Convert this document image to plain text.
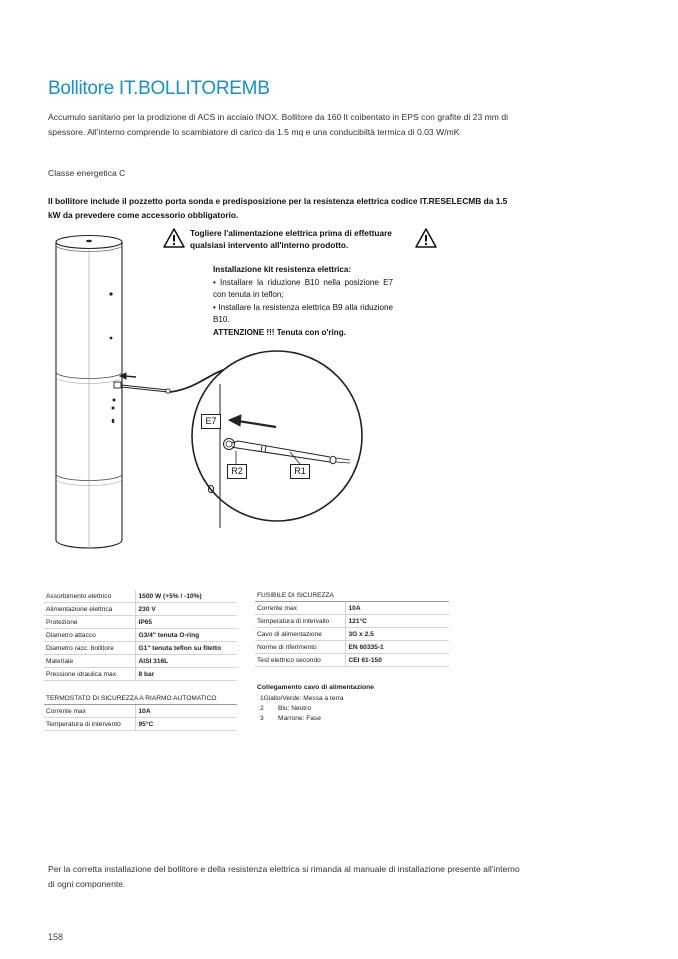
Bollitore IT.BOLLITOREMB

Accumulo sanitario per la prodizione di ACS in acciaio INOX. Bollitore da 160 lt coibentato in EPS con grafite di 23 mm di spessore. All'interno comprende lo scambiatore di carico da 1.5 mq e una conducibiltà termica di 0.03 W/mK

Classe energetica C

Il bollitore include il pozzetto porta sonda e predisposizione per la resistenza elettrica codice IT.RESELECMB da 1.5 kW da prevedere come accessorio obbligatorio.

E7
R2	R1
Togliere l'alimentazione elettrica prima di effettuare qualsiasi intervento all'interno prodotto.
Installazione kit resistenza elettrica:
• Installare la riduzione B10 nella posizione E7 con tenuta in teflon;
• Installare la resistenza elettrica B9 alla riduzione B10.
ATTENZIONE !!! Tenuta con o'ring.
Assorbimento elettrico	1500 W (+5% / -10%)
Alimentazione elettrica	230 V
Protezione	IP65
Diametro attacco	G3/4" tenuta O-ring
Diametro racc. bollitore	G1" tenuta teflon su filetto
Materiale	AISI 316L
Pressione idraulica max	8 bar
TERMOSTATO DI SICUREZZA A RIARMO AUTOMATICO	
Corrente max	10A
Temperatura di intervento	95°C
FUSIBILE DI SICUREZZA	
Corrente max	10A
Temperatura di intervallo	121°C
Cavo di alimentazione	3G x 2.5
Norme di riferimento	EN 60335-1
Test elettrico secondo	CEI 61-150
Collegamento cavo di alimentazione
1Giallo/Verde: Messa a terra
2	Blu: Neutro
3	Marrone: Fase

Per la corretta installazione del bollitore e della resistenza elettrica si rimanda al manuale di installazione presente all'interno di ogni componente.

158
